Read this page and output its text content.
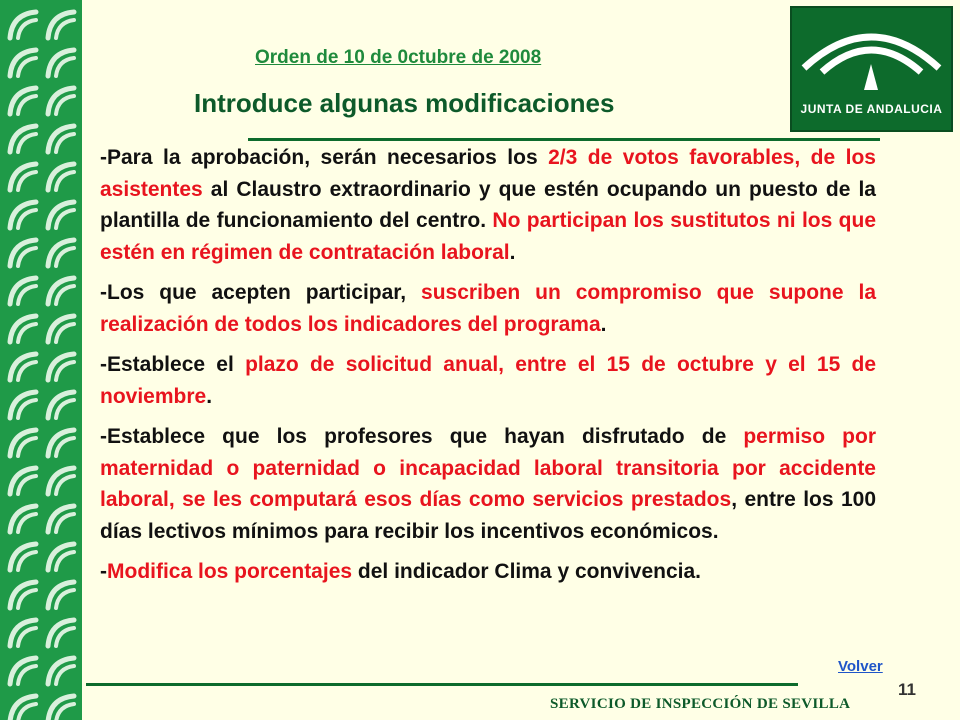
JUNTA DE ANDALUCIA
Orden de 10 de 0ctubre de 2008
Introduce algunas modificaciones

-Para la aprobación, serán necesarios los 2/3 de votos favorables, de los asistentes al Claustro extraordinario y que estén ocupando un puesto de la plantilla de funcionamiento del centro. No participan los sustitutos ni los que estén en régimen de contratación laboral.

-Los que acepten participar, suscriben un compromiso que supone la realización de todos los indicadores del programa.

-Establece el plazo de solicitud anual, entre el 15 de octubre y el 15 de noviembre.

-Establece que los profesores que hayan disfrutado de permiso por maternidad o paternidad o incapacidad laboral transitoria por accidente laboral, se les computará esos días como servicios prestados, entre los 100 días lectivos mínimos para recibir los incentivos económicos.

-Modifica los porcentajes del indicador Clima y convivencia.

Volver
11
SERVICIO DE INSPECCIÓN DE SEVILLA
